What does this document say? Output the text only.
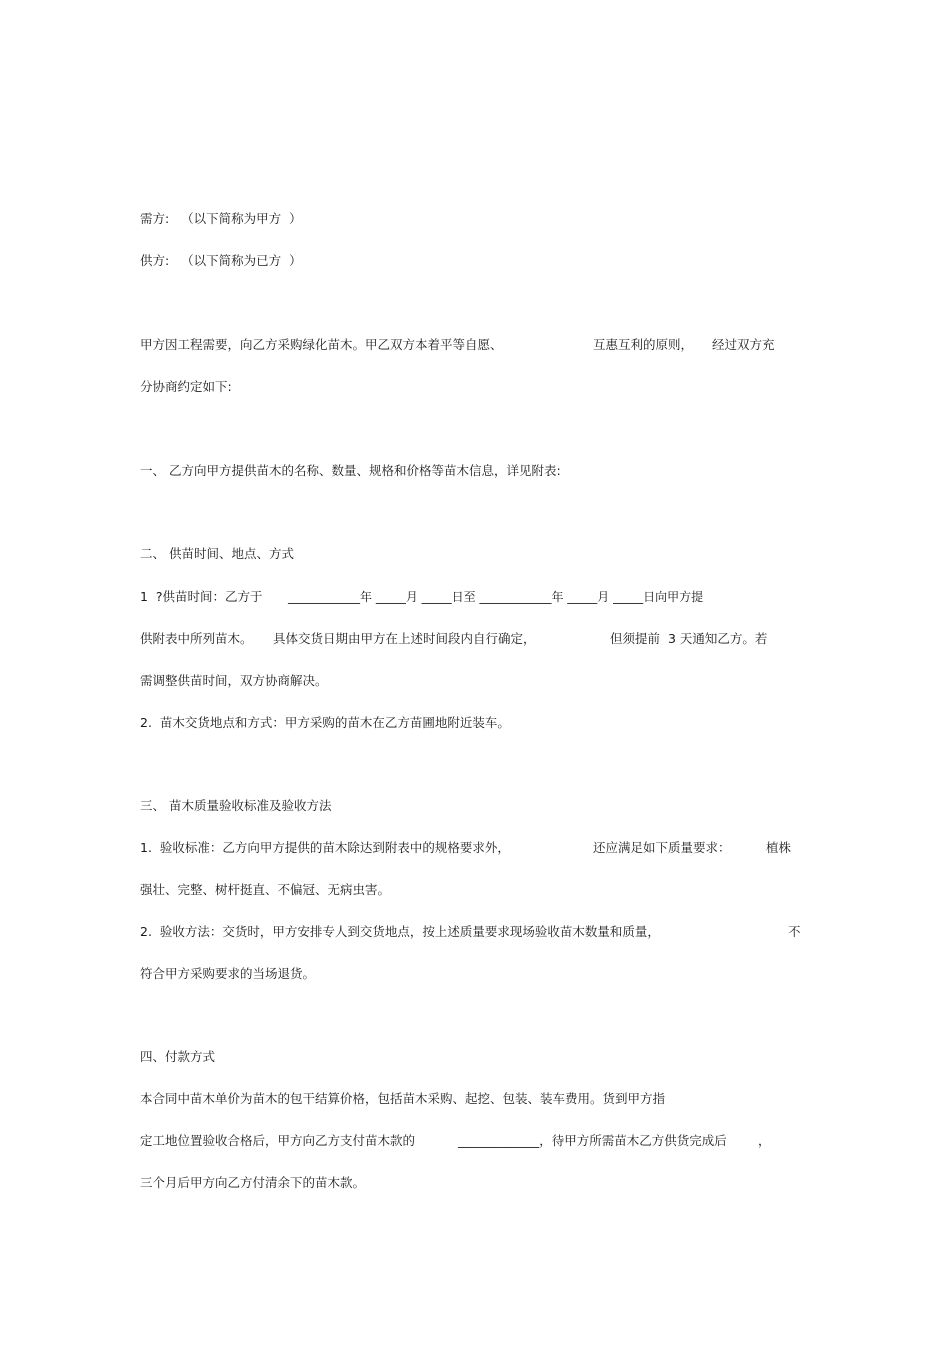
需方:   （以下简称为甲方  ）
供方:   （以下简称为已方  ）
甲方因工程需要，向乙方采购绿化苗木。甲乙双方本着平等自愿、	互惠互利的原则， 经过双方充
分协商约定如下:
一、 乙方向甲方提供苗木的名称、数量、规格和价格等苗木信息，详见附表:
二、 供苗时间、地点、方式
1  ?供苗时间：乙方于 ____________年 _____月 _____日至 ____________年 _____月 _____日向甲方提
供附表中所列苗木。 具体交货日期由甲方在上述时间段内自行确定，	但须提前  3 天通知乙方。若
需调整供苗时间，双方协商解决。
2.  苗木交货地点和方式：甲方采购的苗木在乙方苗圃地附近装车。
三、 苗木质量验收标准及验收方法
1.  验收标准：乙方向甲方提供的苗木除达到附表中的规格要求外，	还应满足如下质量要求：	植株
强壮、完整、树杆挺直、不偏冠、无病虫害。
2.  验收方法：交货时，甲方安排专人到交货地点，按上述质量要求现场验收苗木数量和质量，	不
符合甲方采购要求的当场退货。
四、付款方式
本合同中苗木单价为苗木的包干结算价格，包括苗木采购、起挖、包装、装车费用。货到甲方指
定工地位置验收合格后，甲方向乙方支付苗木款的	_____________，待甲方所需苗木乙方供货完成后 ，
三个月后甲方向乙方付清余下的苗木款。
